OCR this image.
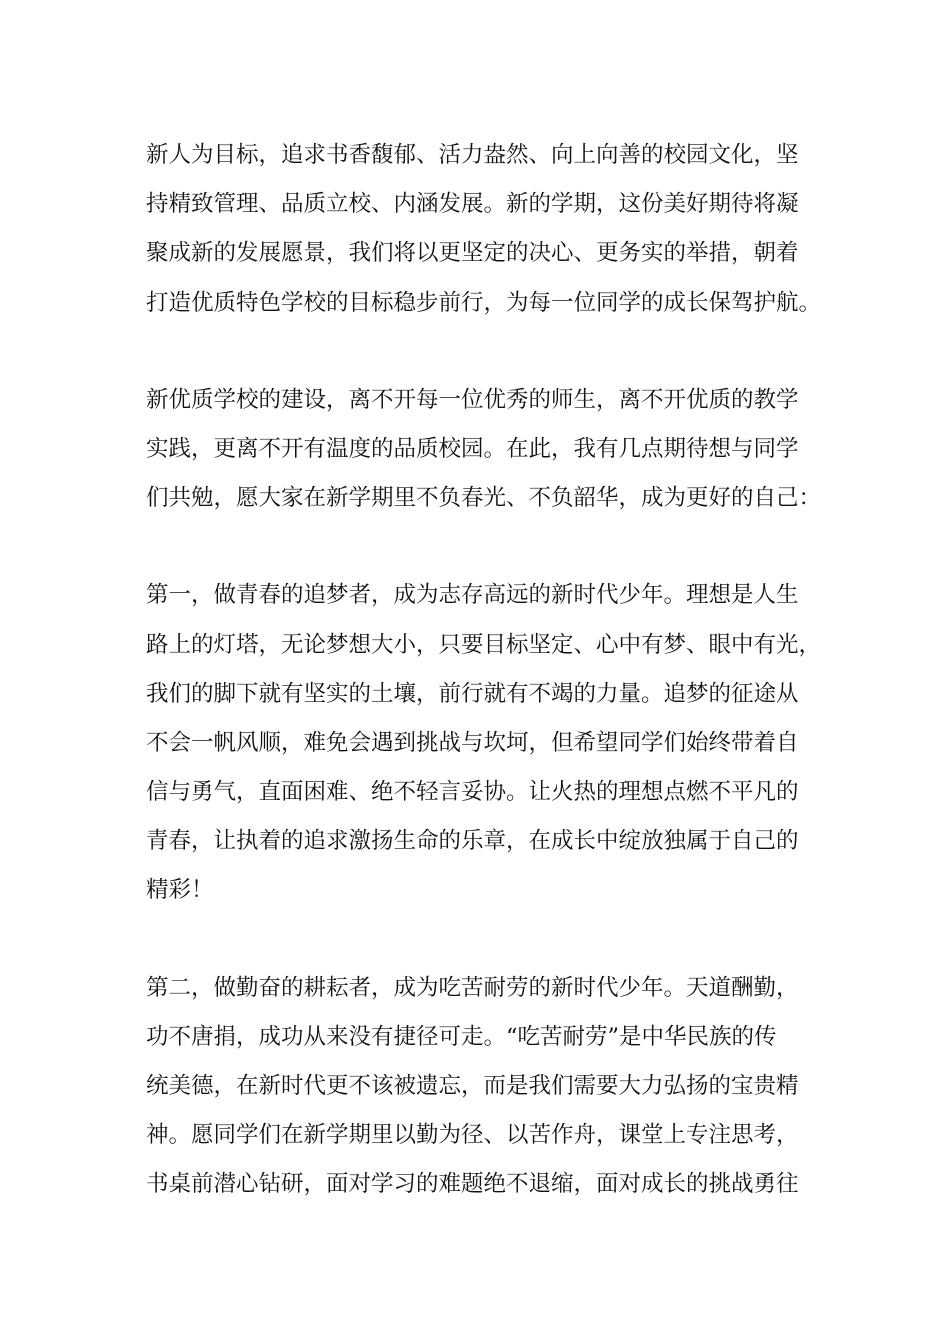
新人为目标，追求书香馥郁、活力盎然、向上向善的校园文化，坚
持精致管理、品质立校、内涵发展。新的学期，这份美好期待将凝
聚成新的发展愿景，我们将以更坚定的决心、更务实的举措，朝着
打造优质特色学校的目标稳步前行，为每一位同学的成长保驾护航。

新优质学校的建设，离不开每一位优秀的师生，离不开优质的教学
实践，更离不开有温度的品质校园。在此，我有几点期待想与同学
们共勉，愿大家在新学期里不负春光、不负韶华，成为更好的自己：

第一，做青春的追梦者，成为志存高远的新时代少年。理想是人生
路上的灯塔，无论梦想大小，只要目标坚定、心中有梦、眼中有光，
我们的脚下就有坚实的土壤，前行就有不竭的力量。追梦的征途从
不会一帆风顺，难免会遇到挑战与坎坷，但希望同学们始终带着自
信与勇气，直面困难、绝不轻言妥协。让火热的理想点燃不平凡的
青春，让执着的追求激扬生命的乐章，在成长中绽放独属于自己的
精彩！

第二，做勤奋的耕耘者，成为吃苦耐劳的新时代少年。天道酬勤，
功不唐捐，成功从来没有捷径可走。“吃苦耐劳”是中华民族的传
统美德，在新时代更不该被遗忘，而是我们需要大力弘扬的宝贵精
神。愿同学们在新学期里以勤为径、以苦作舟，课堂上专注思考，
书桌前潜心钻研，面对学习的难题绝不退缩，面对成长的挑战勇往
